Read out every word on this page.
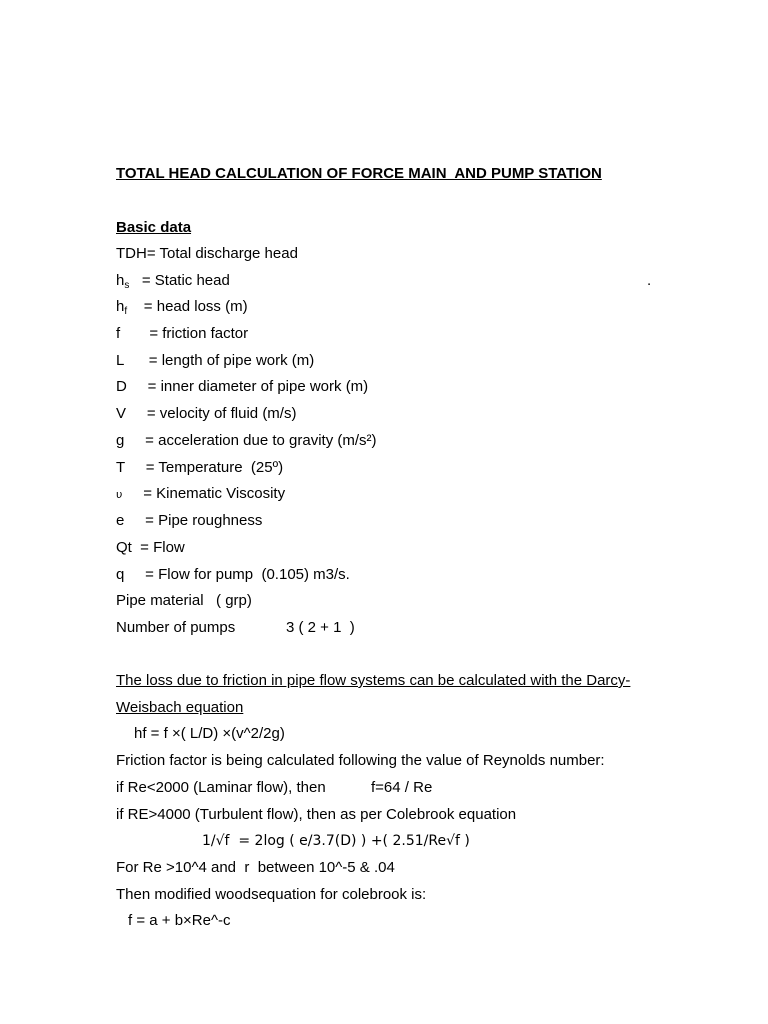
TOTAL HEAD CALCULATION OF FORCE MAIN  AND PUMP STATION
Basic data
TDH= Total discharge head
$h_s$   = Static head	.
$h_f$    = head loss (m)
f       = friction factor
L      = length of pipe work (m)
D     = inner diameter of pipe work (m)
V     = velocity of fluid (m/s)
g     = acceleration due to gravity (m/s²)
T     = Temperature  (25º)
υ     = Kinematic Viscosity
e     = Pipe roughness
Qt  = Flow
q     = Flow for pump  (0.105) m3/s.
Pipe material   ( grp)
Number of pumps	3 ( 2 + 1  )
The loss due to friction in pipe flow systems can be calculated with the Darcy-
Weisbach equation
hf = f ×( L/D) ×(v^2/2g)
Friction factor is being calculated following the value of Reynolds number:
if Re<2000 (Laminar flow), then	f=64 / Re
if RE>4000 (Turbulent flow), then as per Colebrook equation
1/√f  = 2log ( e/3.7(D) ) +( 2.51/Re√f )
For Re >10^4 and  r  between 10^-5 & .04
Then modified woodsequation for colebrook is:
f = a + b×Re^-c
